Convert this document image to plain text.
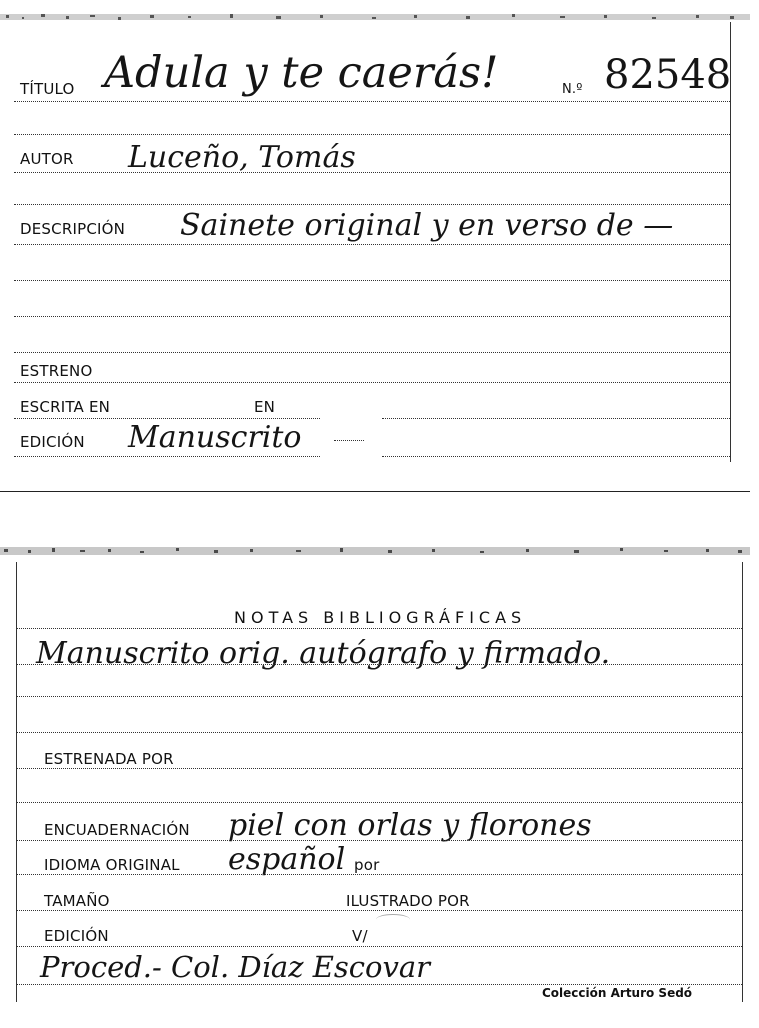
TÍTULO Adula y te caerás!	N.º 82548
AUTOR Luceño, Tomás
DESCRIPCIÓN Sainete original y en verso de —
ESTRENO
ESCRITA EN	EN
EDICIÓN Manuscrito
NOTAS BIBLIOGRÁFICAS
Manuscrito orig. autógrafo y firmado.
ESTRENADA POR
ENCUADERNACIÓN piel con orlas y florones
IDIOMA ORIGINAL español por
TAMAÑO	ILUSTRADO POR
EDICIÓN	V/
Proced.- Col. Díaz Escovar
Colección Arturo Sedó
